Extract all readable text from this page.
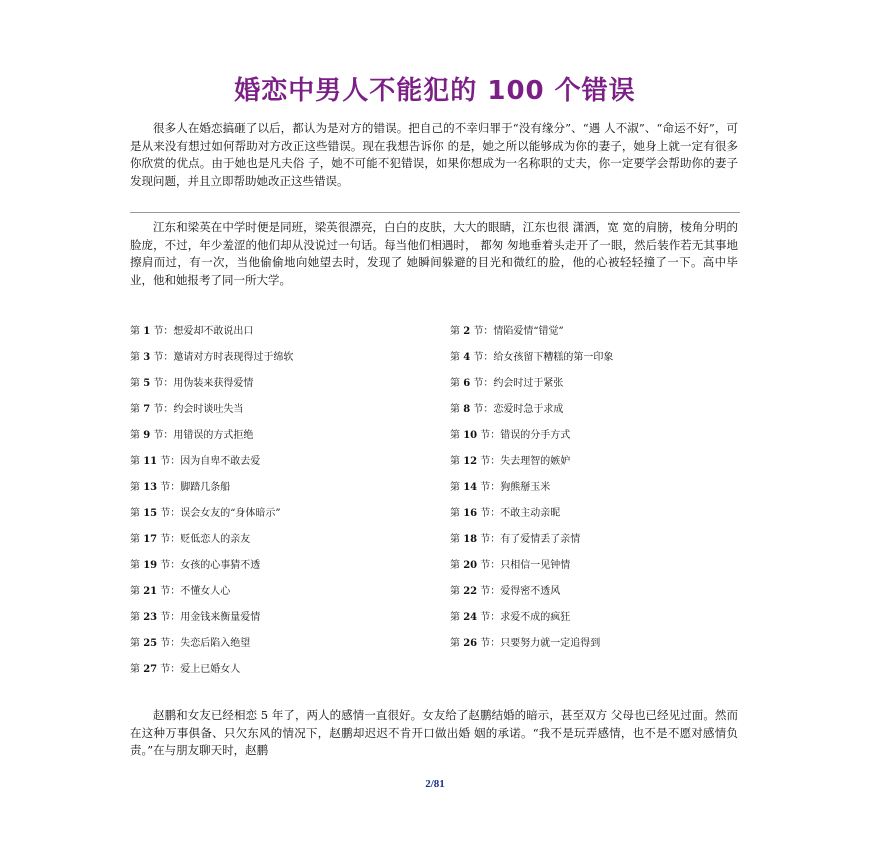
婚恋中男人不能犯的 100 个错误

很多人在婚恋搞砸了以后，都认为是对方的错误。把自己的不幸归罪于“没有缘分”、“遇 人不淑”、“命运不好”，可是从来没有想过如何帮助对方改正这些错误。现在我想告诉你 的是，她之所以能够成为你的妻子，她身上就一定有很多你欣赏的优点。由于她也是凡夫俗 子，她不可能不犯错误，如果你想成为一名称职的丈夫，你一定要学会帮助你的妻子发现问题，并且立即帮助她改正这些错误。

江东和梁英在中学时便是同班，梁英很漂亮，白白的皮肤，大大的眼睛，江东也很 潇洒，宽 宽的肩膀，棱角分明的脸庞，不过，年少羞涩的他们却从没说过一句话。每当他们相遇时， 都匆 匆地垂着头走开了一眼，然后装作若无其事地擦肩而过，有一次，当他偷偷地向她望去时，发现了 她瞬间躲避的目光和微红的脸，他的心被轻轻撞了一下。高中毕业，他和她报考了同一所大学。

第 1 节：想爱却不敢说出口	第 2 节：情陷爱情“错觉”
第 3 节：邀请对方时表现得过于绵软	第 4 节：给女孩留下糟糕的第一印象
第 5 节：用伪装来获得爱情	第 6 节：约会时过于紧张
第 7 节：约会时谈吐失当	第 8 节：恋爱时急于求成
第 9 节：用错误的方式拒绝	第 10 节：错误的分手方式
第 11 节：因为自卑不敢去爱	第 12 节：失去理智的嫉妒
第 13 节：脚踏几条船	第 14 节：狗熊掰玉米
第 15 节：误会女友的“身体暗示”	第 16 节：不敢主动亲昵
第 17 节：贬低恋人的亲友	第 18 节：有了爱情丢了亲情
第 19 节：女孩的心事猜不透	第 20 节：只相信一见钟情
第 21 节：不懂女人心	第 22 节：爱得密不透风
第 23 节：用金钱来衡量爱情	第 24 节：求爱不成的疯狂
第 25 节：失恋后陷入绝望	第 26 节：只要努力就一定追得到
第 27 节：爱上已婚女人

赵鹏和女友已经相恋 5 年了，两人的感情一直很好。女友给了赵鹏结婚的暗示，甚至双方 父母也已经见过面。然而在这种万事俱备、只欠东风的情况下，赵鹏却迟迟不肯开口做出婚 姻的承诺。“我不是玩弄感情，也不是不愿对感情负责。”在与朋友聊天时，赵鹏

2/81
